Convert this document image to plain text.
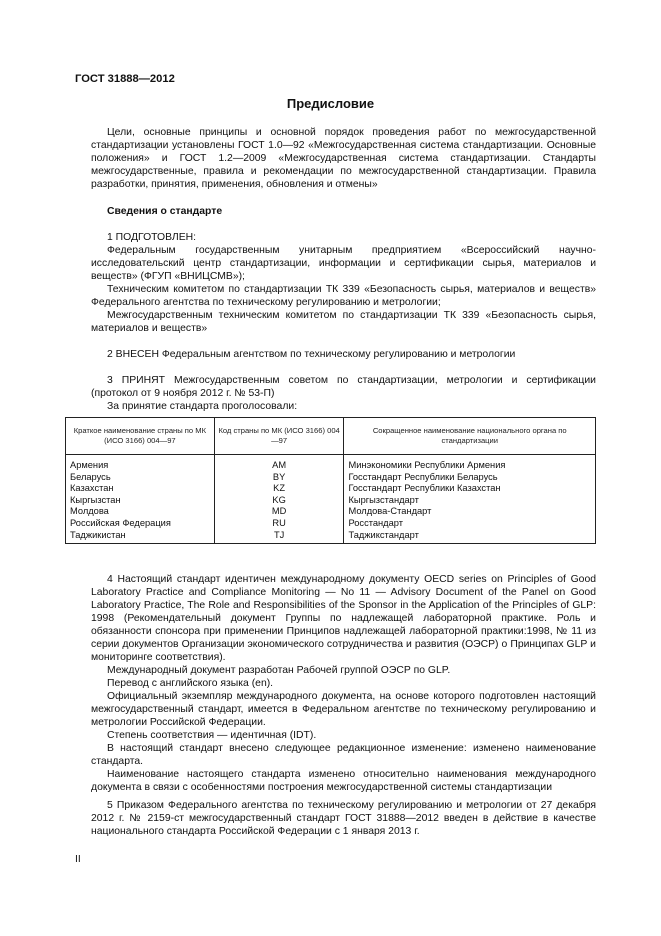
ГОСТ 31888—2012
Предисловие

Цели, основные принципы и основной порядок проведения работ по межгосударственной стандартизации установлены ГОСТ 1.0—92 «Межгосударственная система стандартизации. Основные положения» и ГОСТ 1.2—2009 «Межгосударственная система стандартизации. Стандарты межгосударственные, правила и рекомендации по межгосударственной стандартизации. Правила разработки, принятия, применения, обновления и отмены»

Сведения о стандарте

1 ПОДГОТОВЛЕН:

Федеральным государственным унитарным предприятием «Всероссийский научно-исследовательский центр стандартизации, информации и сертификации сырья, материалов и веществ» (ФГУП «ВНИЦСМВ»);

Техническим комитетом по стандартизации ТК 339 «Безопасность сырья, материалов и веществ» Федерального агентства по техническому регулированию и метрологии;

Межгосударственным техническим комитетом по стандартизации ТК 339 «Безопасность сырья, материалов и веществ»

2 ВНЕСЕН Федеральным агентством по техническому регулированию и метрологии

3 ПРИНЯТ Межгосударственным советом по стандартизации, метрологии и сертификации (протокол от 9 ноября 2012 г. № 53-П)

За принятие стандарта проголосовали:

Краткое наименование страны по МК (ИСО 3166) 004—97	Код страны по МК (ИСО 3166) 004—97	Сокращенное наименование национального органа по стандартизации
Армения	AM	Минэкономики Республики Армения
Беларусь	BY	Госстандарт Республики Беларусь
Казахстан	KZ	Госстандарт Республики Казахстан
Кыргызстан	KG	Кыргызстандарт
Молдова	MD	Молдова-Стандарт
Российская Федерация	RU	Росстандарт
Таджикистан	TJ	Таджикстандарт

4 Настоящий стандарт идентичен международному документу OECD series on Principles of Good Laboratory Practice and Compliance Monitoring — No 11 — Advisory Document of the Panel on Good Laboratory Practice, The Role and Responsibilities of the Sponsor in the Application of the Principles of GLP: 1998 (Рекомендательный документ Группы по надлежащей лабораторной практике. Роль и обязанности спонсора при применении Принципов надлежащей лабораторной практики:1998, № 11 из серии документов Организации экономического сотрудничества и развития (ОЭСР) о Принципах GLP и мониторинге соответствия).

Международный документ разработан Рабочей группой ОЭСР по GLP.

Перевод с английского языка (en).

Официальный экземпляр международного документа, на основе которого подготовлен настоящий межгосударственный стандарт, имеется в Федеральном агентстве по техническому регулированию и метрологии Российской Федерации.

Степень соответствия — идентичная (IDT).

В настоящий стандарт внесено следующее редакционное изменение: изменено наименование стандарта.

Наименование настоящего стандарта изменено относительно наименования международного документа в связи с особенностями построения межгосударственной системы стандартизации

5 Приказом Федерального агентства по техническому регулированию и метрологии от 27 декабря 2012 г. № 2159-ст межгосударственный стандарт ГОСТ 31888—2012 введен в действие в качестве национального стандарта Российской Федерации с 1 января 2013 г.

II
